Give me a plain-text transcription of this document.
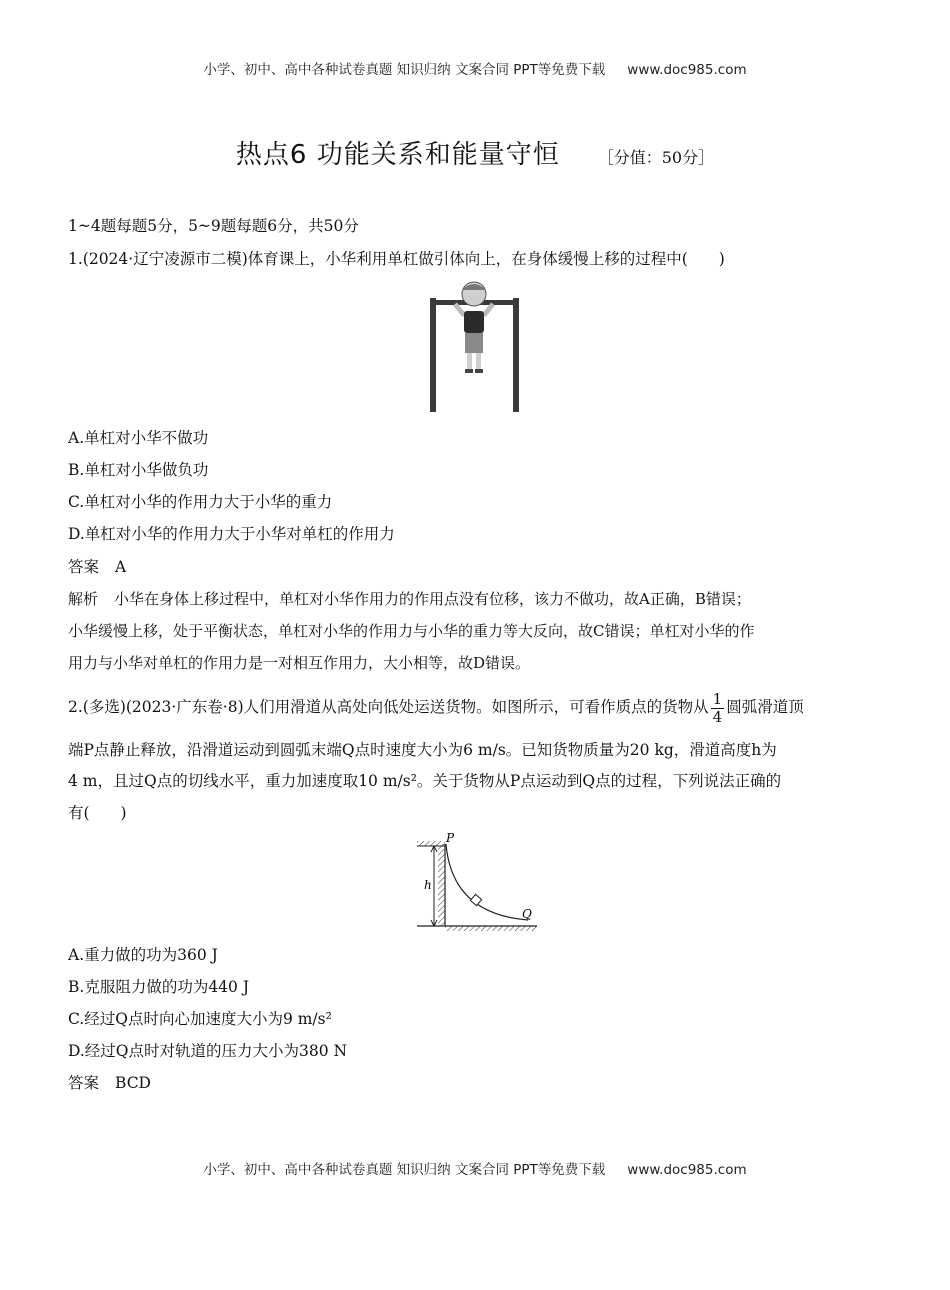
小学、初中、高中各种试卷真题 知识归纳 文案合同 PPT等免费下载 www.doc985.com
热点6 功能关系和能量守恒 ［分值：50分］
1~4题每题5分，5~9题每题6分，共50分
1.(2024·辽宁凌源市二模)体育课上，小华利用单杠做引体向上，在身体缓慢上移的过程中(　　)
A.单杠对小华不做功
B.单杠对小华做负功
C.单杠对小华的作用力大于小华的重力
D.单杠对小华的作用力大于小华对单杠的作用力
答案 A
解析 小华在身体上移过程中，单杠对小华作用力的作用点没有位移，该力不做功，故A正确，B错误；
小华缓慢上移，处于平衡状态，单杠对小华的作用力与小华的重力等大反向，故C错误；单杠对小华的作
用力与小华对单杠的作用力是一对相互作用力，大小相等，故D错误。
2.(多选)(2023·广东卷·8)人们用滑道从高处向低处运送货物。如图所示，可看作质点的货物从 $\frac{1}{4}$ 圆弧滑道顶
端P点静止释放，沿滑道运动到圆弧末端Q点时速度大小为6 m/s。已知货物质量为20 kg，滑道高度h为
4 m，且过Q点的切线水平，重力加速度取10 m/s²。关于货物从P点运动到Q点的过程，下列说法正确的
有(　　)
P
h
Q
A.重力做的功为360 J
B.克服阻力做的功为440 J
C.经过Q点时向心加速度大小为9 m/s²
D.经过Q点时对轨道的压力大小为380 N
答案 BCD
小学、初中、高中各种试卷真题 知识归纳 文案合同 PPT等免费下载 www.doc985.com
